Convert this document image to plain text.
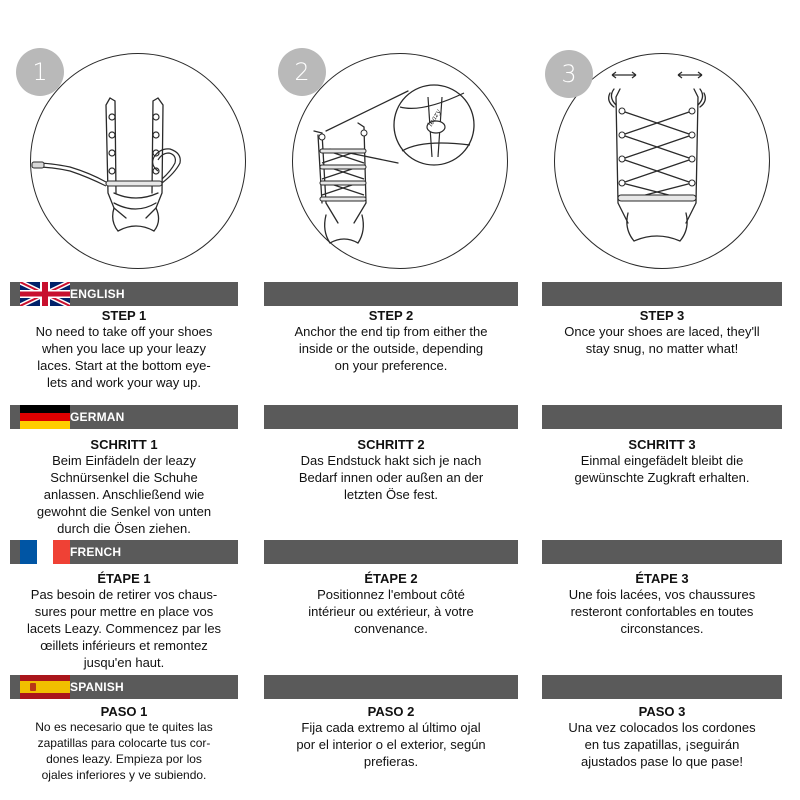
1	2
leazy
3
ENGLISH
STEP 1
No need to take off your shoes
when you lace up your leazy
laces. Start at the bottom eye-
lets and work your way up.
STEP 2
Anchor the end tip from either the
inside or the outside, depending
on your preference.
STEP 3
Once your shoes are laced, they'll
stay snug, no matter what!
GERMAN
SCHRITT 1
Beim Einfädeln der leazy
Schnürsenkel die Schuhe
anlassen. Anschließend wie
gewohnt die Senkel von unten
durch die Ösen ziehen.
SCHRITT 2
Das Endstuck hakt sich je nach
Bedarf innen oder außen an der
letzten Öse fest.
SCHRITT 3
Einmal eingefädelt bleibt die
gewünschte Zugkraft erhalten.
FRENCH
ÉTAPE 1
Pas besoin de retirer vos chaus-
sures pour mettre en place vos
lacets Leazy. Commencez par les
œillets inférieurs et remontez
jusqu'en haut.
ÉTAPE 2
Positionnez l'embout côté
intérieur ou extérieur, à votre
convenance.
ÉTAPE 3
Une fois lacées, vos chaussures
resteront confortables en toutes
circonstances.
SPANISH
PASO 1
No es necesario que te quites las
zapatillas para colocarte tus cor-
dones leazy. Empieza por los
ojales inferiores y ve subiendo.
PASO 2
Fija cada extremo al último ojal
por el interior o el exterior, según
prefieras.
PASO 3
Una vez colocados los cordones
en tus zapatillas, ¡seguirán
ajustados pase lo que pase!
